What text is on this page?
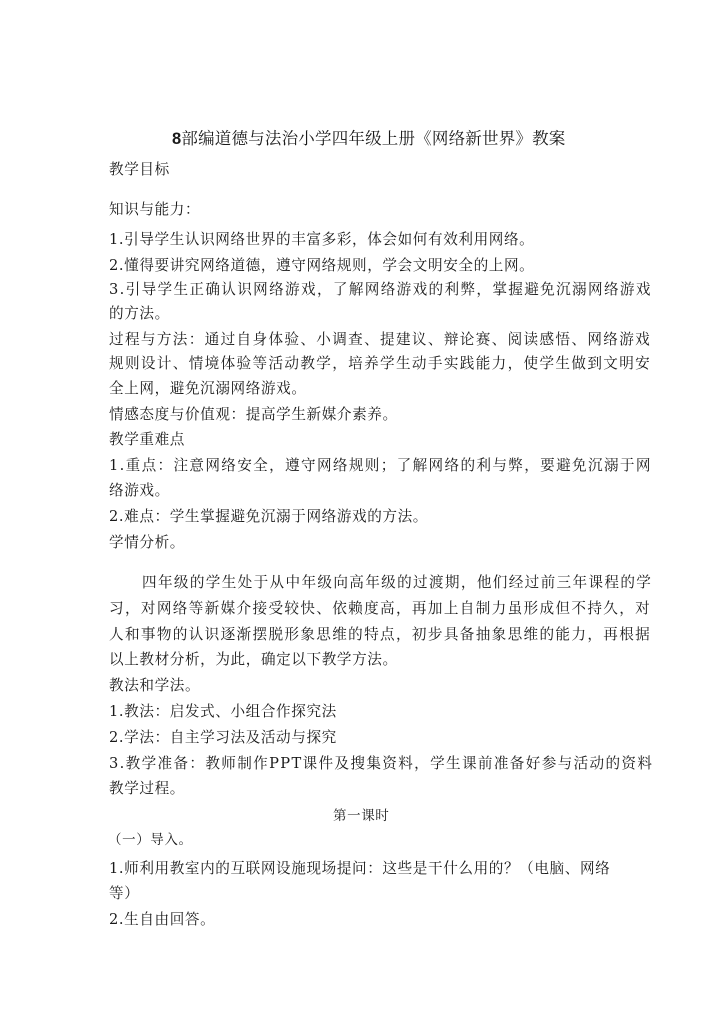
8部编道德与法治小学四年级上册《网络新世界》教案
教学目标
知识与能力：
1.引导学生认识网络世界的丰富多彩，体会如何有效利用网络。
2.懂得要讲究网络道德，遵守网络规则，学会文明安全的上网。
3.引导学生正确认识网络游戏，了解网络游戏的利弊，掌握避免沉溺网络游戏
的方法。
过程与方法：通过自身体验、小调查、提建议、辩论赛、阅读感悟、网络游戏
规则设计、情境体验等活动教学，培养学生动手实践能力，使学生做到文明安
全上网，避免沉溺网络游戏。
情感态度与价值观：提高学生新媒介素养。
教学重难点
1.重点：注意网络安全，遵守网络规则；了解网络的利与弊，要避免沉溺于网
络游戏。
2.难点：学生掌握避免沉溺于网络游戏的方法。
学情分析。
四年级的学生处于从中年级向高年级的过渡期，他们经过前三年课程的学
习，对网络等新媒介接受较快、依赖度高，再加上自制力虽形成但不持久，对
人和事物的认识逐渐摆脱形象思维的特点，初步具备抽象思维的能力，再根据
以上教材分析，为此，确定以下教学方法。
教法和学法。
1.教法：启发式、小组合作探究法
2.学法：自主学习法及活动与探究
3.教学准备：教师制作PPT课件及搜集资料，学生课前准备好参与活动的资料
教学过程。
第一课时
（一）导入。
1.师利用教室内的互联网设施现场提问：这些是干什么用的？（电脑、网络
等）
2.生自由回答。
